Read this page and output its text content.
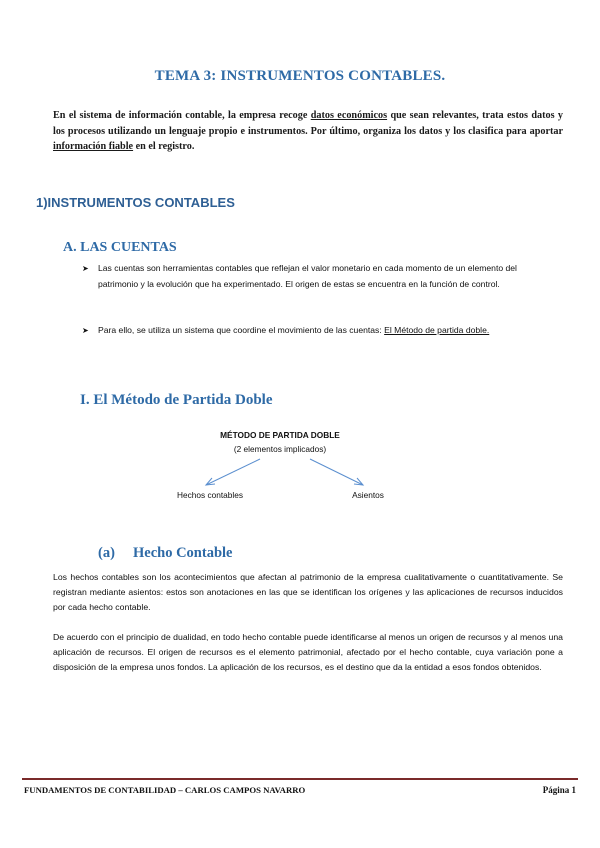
TEMA 3: INSTRUMENTOS CONTABLES.
En el sistema de información contable, la empresa recoge datos económicos que sean relevantes, trata estos datos y los procesos utilizando un lenguaje propio e instrumentos. Por último, organiza los datos y los clasifica para aportar información fiable en el registro.
1)INSTRUMENTOS CONTABLES
A. LAS CUENTAS
➤ Las cuentas son herramientas contables que reflejan el valor monetario en cada momento de un elemento del patrimonio y la evolución que ha experimentado. El origen de estas se encuentra en la función de control.
➤ Para ello, se utiliza un sistema que coordine el movimiento de las cuentas: El Método de partida doble.
I. El Método de Partida Doble
MÉTODO DE PARTIDA DOBLE
(2 elementos implicados)
Hechos contables	Asientos
(a) Hecho Contable
Los hechos contables son los acontecimientos que afectan al patrimonio de la empresa cualitativamente o cuantitativamente. Se registran mediante asientos: estos son anotaciones en las que se identifican los orígenes y las aplicaciones de recursos inducidos por cada hecho contable.
De acuerdo con el principio de dualidad, en todo hecho contable puede identificarse al menos un origen de recursos y al menos una aplicación de recursos. El origen de recursos es el elemento patrimonial, afectado por el hecho contable, cuya variación pone a disposición de la empresa unos fondos. La aplicación de los recursos, es el destino que da la entidad a esos fondos obtenidos.
FUNDAMENTOS DE CONTABILIDAD – CARLOS CAMPOS NAVARRO	Página 1
